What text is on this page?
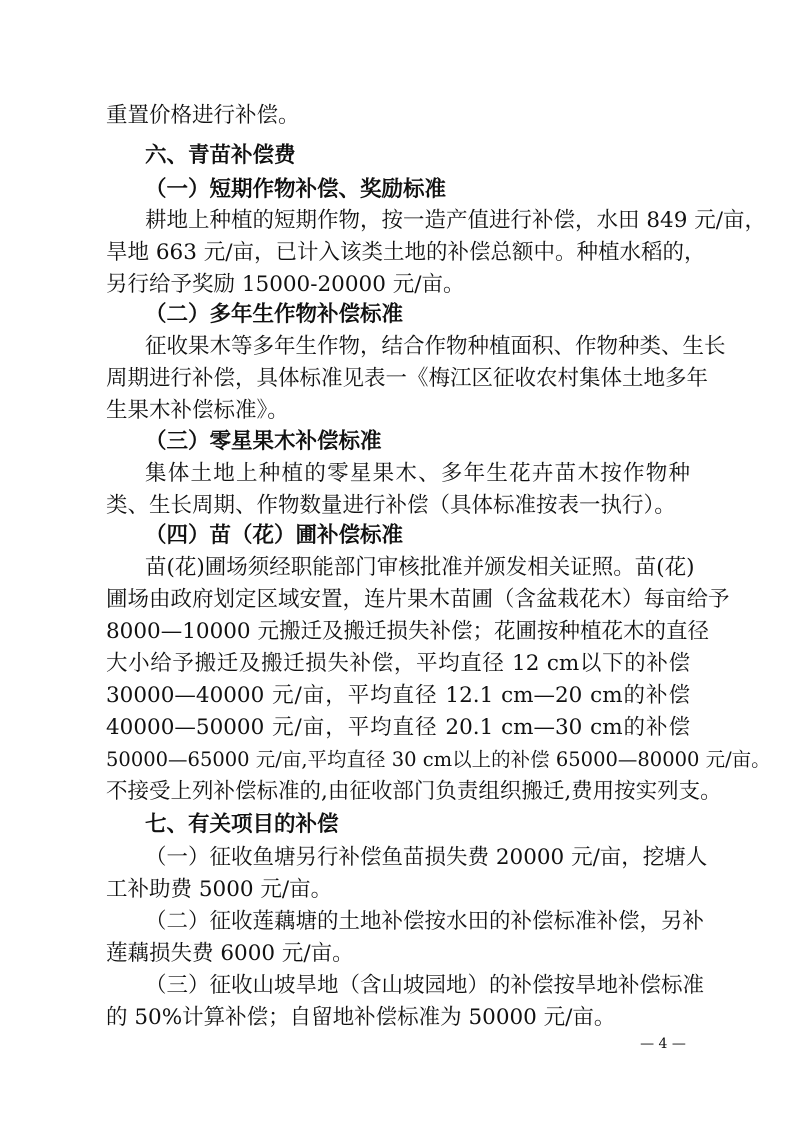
重置价格进行补偿。
六、青苗补偿费
（一）短期作物补偿、奖励标准
耕地上种植的短期作物，按一造产值进行补偿，水田 849 元/亩，
旱地 663 元/亩，已计入该类土地的补偿总额中。种植水稻的，
另行给予奖励 15000-20000 元/亩。
（二）多年生作物补偿标准
征收果木等多年生作物，结合作物种植面积、作物种类、生长
周期进行补偿，具体标准见表一《梅江区征收农村集体土地多年
生果木补偿标准》。
（三）零星果木补偿标准
集体土地上种植的零星果木、多年生花卉苗木按作物种
类、生长周期、作物数量进行补偿（具体标准按表一执行）。
（四）苗（花）圃补偿标准
苗(花)圃场须经职能部门审核批准并颁发相关证照。苗(花)
圃场由政府划定区域安置，连片果木苗圃（含盆栽花木）每亩给予
8000—10000 元搬迁及搬迁损失补偿；花圃按种植花木的直径
大小给予搬迁及搬迁损失补偿，平均直径 12 cm以下的补偿
30000—40000 元/亩，平均直径 12.1 cm—20 cm的补偿
40000—50000 元/亩，平均直径 20.1 cm—30 cm的补偿
50000—65000 元/亩,平均直径 30 cm以上的补偿 65000—80000 元/亩。
不接受上列补偿标准的,由征收部门负责组织搬迁,费用按实列支。
七、有关项目的补偿
（一）征收鱼塘另行补偿鱼苗损失费 20000 元/亩，挖塘人
工补助费 5000 元/亩。
（二）征收莲藕塘的土地补偿按水田的补偿标准补偿，另补
莲藕损失费 6000 元/亩。
（三）征收山坡旱地（含山坡园地）的补偿按旱地补偿标准
的 50%计算补偿；自留地补偿标准为 50000 元/亩。
— 4 —
